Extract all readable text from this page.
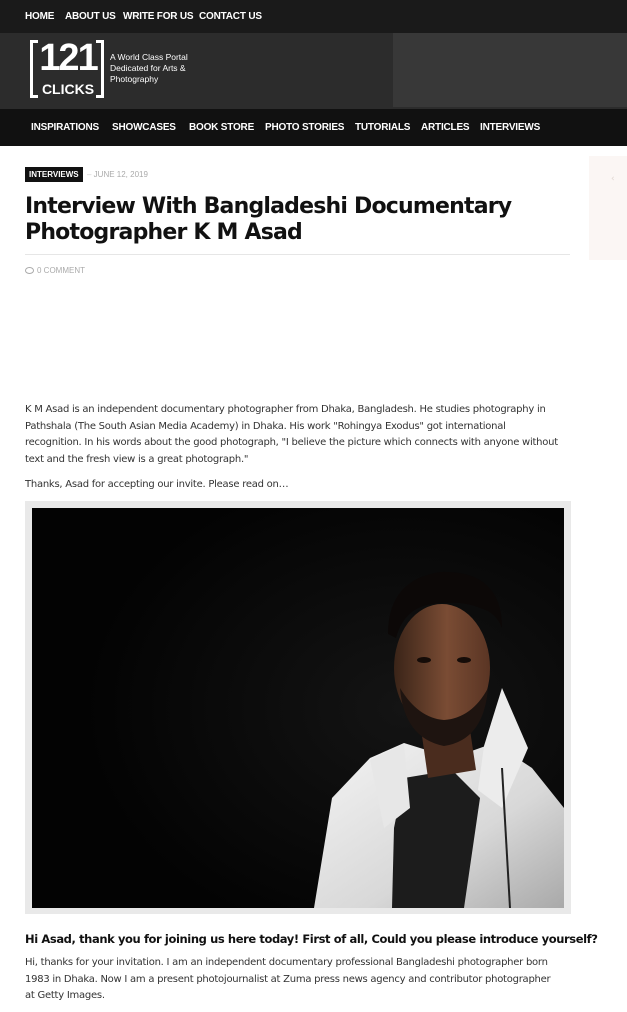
HOME ABOUT US WRITE FOR US CONTACT US
121
CLICKS
A World Class Portal Dedicated for Arts & Photography
INSPIRATIONS SHOWCASES BOOK STORE PHOTO STORIES TUTORIALS ARTICLES INTERVIEWS
‹
INTERVIEWS
–	JUNE 12, 2019
Interview With Bangladeshi Documentary Photographer K M Asad
0 COMMENT

K M Asad is an independent documentary photographer from Dhaka, Bangladesh. He studies photography in Pathshala (The South Asian Media Academy) in Dhaka. His work "Rohingya Exodus" got international recognition. In his words about the good photograph, "I believe the picture which connects with anyone without text and the fresh view is a great photograph."

Thanks, Asad for accepting our invite. Please read on…

Hi Asad, thank you for joining us here today! First of all, Could you please introduce yourself?

Hi, thanks for your invitation. I am an independent documentary professional Bangladeshi photographer born 1983 in Dhaka. Now I am a present photojournalist at Zuma press news agency and contributor photographer at Getty Images.
